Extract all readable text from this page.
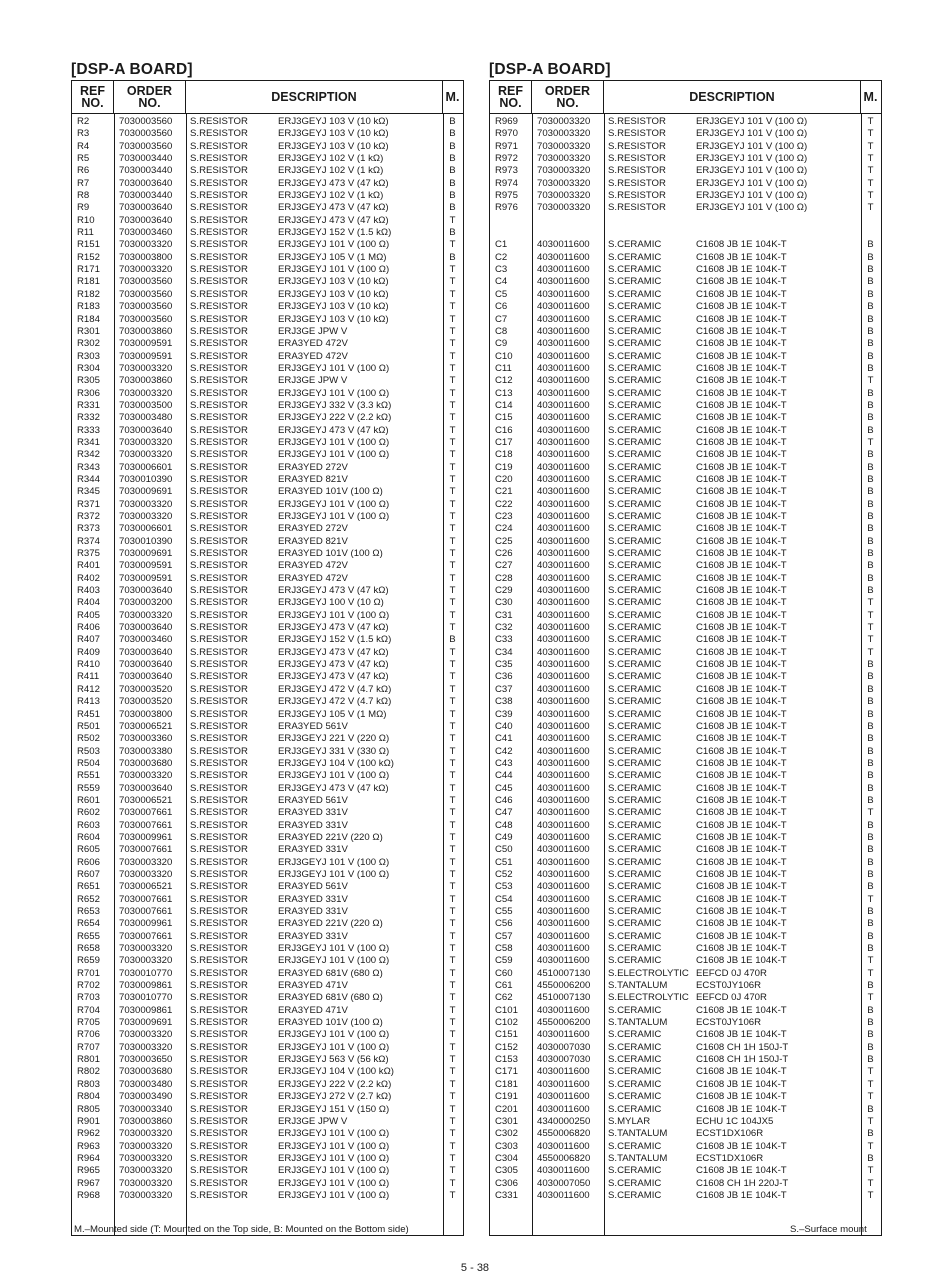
[DSP-A BOARD]
REF
NO.
ORDER
NO.	DESCRIPTION	M.
R2	7030003560	S.RESISTOR	ERJ3GEYJ 103 V (10 kΩ)	B
R3	7030003560	S.RESISTOR	ERJ3GEYJ 103 V (10 kΩ)	B
R4	7030003560	S.RESISTOR	ERJ3GEYJ 103 V (10 kΩ)	B
R5	7030003440	S.RESISTOR	ERJ3GEYJ 102 V (1 kΩ)	B
R6	7030003440	S.RESISTOR	ERJ3GEYJ 102 V (1 kΩ)	B
R7	7030003640	S.RESISTOR	ERJ3GEYJ 473 V (47 kΩ)	B
R8	7030003440	S.RESISTOR	ERJ3GEYJ 102 V (1 kΩ)	B
R9	7030003640	S.RESISTOR	ERJ3GEYJ 473 V (47 kΩ)	B
R10	7030003640	S.RESISTOR	ERJ3GEYJ 473 V (47 kΩ)	T
R11	7030003460	S.RESISTOR	ERJ3GEYJ 152 V (1.5 kΩ)	B
R151	7030003320	S.RESISTOR	ERJ3GEYJ 101 V (100 Ω)	T
R152	7030003800	S.RESISTOR	ERJ3GEYJ 105 V (1 MΩ)	B
R171	7030003320	S.RESISTOR	ERJ3GEYJ 101 V (100 Ω)	T
R181	7030003560	S.RESISTOR	ERJ3GEYJ 103 V (10 kΩ)	T
R182	7030003560	S.RESISTOR	ERJ3GEYJ 103 V (10 kΩ)	T
R183	7030003560	S.RESISTOR	ERJ3GEYJ 103 V (10 kΩ)	T
R184	7030003560	S.RESISTOR	ERJ3GEYJ 103 V (10 kΩ)	T
R301	7030003860	S.RESISTOR	ERJ3GE JPW V	T
R302	7030009591	S.RESISTOR	ERA3YED 472V	T
R303	7030009591	S.RESISTOR	ERA3YED 472V	T
R304	7030003320	S.RESISTOR	ERJ3GEYJ 101 V (100 Ω)	T
R305	7030003860	S.RESISTOR	ERJ3GE JPW V	T
R306	7030003320	S.RESISTOR	ERJ3GEYJ 101 V (100 Ω)	T
R331	7030003500	S.RESISTOR	ERJ3GEYJ 332 V (3.3 kΩ)	T
R332	7030003480	S.RESISTOR	ERJ3GEYJ 222 V (2.2 kΩ)	T
R333	7030003640	S.RESISTOR	ERJ3GEYJ 473 V (47 kΩ)	T
R341	7030003320	S.RESISTOR	ERJ3GEYJ 101 V (100 Ω)	T
R342	7030003320	S.RESISTOR	ERJ3GEYJ 101 V (100 Ω)	T
R343	7030006601	S.RESISTOR	ERA3YED 272V	T
R344	7030010390	S.RESISTOR	ERA3YED 821V	T
R345	7030009691	S.RESISTOR	ERA3YED 101V (100 Ω)	T
R371	7030003320	S.RESISTOR	ERJ3GEYJ 101 V (100 Ω)	T
R372	7030003320	S.RESISTOR	ERJ3GEYJ 101 V (100 Ω)	T
R373	7030006601	S.RESISTOR	ERA3YED 272V	T
R374	7030010390	S.RESISTOR	ERA3YED 821V	T
R375	7030009691	S.RESISTOR	ERA3YED 101V (100 Ω)	T
R401	7030009591	S.RESISTOR	ERA3YED 472V	T
R402	7030009591	S.RESISTOR	ERA3YED 472V	T
R403	7030003640	S.RESISTOR	ERJ3GEYJ 473 V (47 kΩ)	T
R404	7030003200	S.RESISTOR	ERJ3GEYJ 100 V (10 Ω)	T
R405	7030003320	S.RESISTOR	ERJ3GEYJ 101 V (100 Ω)	T
R406	7030003640	S.RESISTOR	ERJ3GEYJ 473 V (47 kΩ)	T
R407	7030003460	S.RESISTOR	ERJ3GEYJ 152 V (1.5 kΩ)	B
R409	7030003640	S.RESISTOR	ERJ3GEYJ 473 V (47 kΩ)	T
R410	7030003640	S.RESISTOR	ERJ3GEYJ 473 V (47 kΩ)	T
R411	7030003640	S.RESISTOR	ERJ3GEYJ 473 V (47 kΩ)	T
R412	7030003520	S.RESISTOR	ERJ3GEYJ 472 V (4.7 kΩ)	T
R413	7030003520	S.RESISTOR	ERJ3GEYJ 472 V (4.7 kΩ)	T
R451	7030003800	S.RESISTOR	ERJ3GEYJ 105 V (1 MΩ)	T
R501	7030006521	S.RESISTOR	ERA3YED 561V	T
R502	7030003360	S.RESISTOR	ERJ3GEYJ 221 V (220 Ω)	T
R503	7030003380	S.RESISTOR	ERJ3GEYJ 331 V (330 Ω)	T
R504	7030003680	S.RESISTOR	ERJ3GEYJ 104 V (100 kΩ)	T
R551	7030003320	S.RESISTOR	ERJ3GEYJ 101 V (100 Ω)	T
R559	7030003640	S.RESISTOR	ERJ3GEYJ 473 V (47 kΩ)	T
R601	7030006521	S.RESISTOR	ERA3YED 561V	T
R602	7030007661	S.RESISTOR	ERA3YED 331V	T
R603	7030007661	S.RESISTOR	ERA3YED 331V	T
R604	7030009961	S.RESISTOR	ERA3YED 221V (220 Ω)	T
R605	7030007661	S.RESISTOR	ERA3YED 331V	T
R606	7030003320	S.RESISTOR	ERJ3GEYJ 101 V (100 Ω)	T
R607	7030003320	S.RESISTOR	ERJ3GEYJ 101 V (100 Ω)	T
R651	7030006521	S.RESISTOR	ERA3YED 561V	T
R652	7030007661	S.RESISTOR	ERA3YED 331V	T
R653	7030007661	S.RESISTOR	ERA3YED 331V	T
R654	7030009961	S.RESISTOR	ERA3YED 221V (220 Ω)	T
R655	7030007661	S.RESISTOR	ERA3YED 331V	T
R658	7030003320	S.RESISTOR	ERJ3GEYJ 101 V (100 Ω)	T
R659	7030003320	S.RESISTOR	ERJ3GEYJ 101 V (100 Ω)	T
R701	7030010770	S.RESISTOR	ERA3YED 681V (680 Ω)	T
R702	7030009861	S.RESISTOR	ERA3YED 471V	T
R703	7030010770	S.RESISTOR	ERA3YED 681V (680 Ω)	T
R704	7030009861	S.RESISTOR	ERA3YED 471V	T
R705	7030009691	S.RESISTOR	ERA3YED 101V (100 Ω)	T
R706	7030003320	S.RESISTOR	ERJ3GEYJ 101 V (100 Ω)	T
R707	7030003320	S.RESISTOR	ERJ3GEYJ 101 V (100 Ω)	T
R801	7030003650	S.RESISTOR	ERJ3GEYJ 563 V (56 kΩ)	T
R802	7030003680	S.RESISTOR	ERJ3GEYJ 104 V (100 kΩ)	T
R803	7030003480	S.RESISTOR	ERJ3GEYJ 222 V (2.2 kΩ)	T
R804	7030003490	S.RESISTOR	ERJ3GEYJ 272 V (2.7 kΩ)	T
R805	7030003340	S.RESISTOR	ERJ3GEYJ 151 V (150 Ω)	T
R901	7030003860	S.RESISTOR	ERJ3GE JPW V	T
R962	7030003320	S.RESISTOR	ERJ3GEYJ 101 V (100 Ω)	T
R963	7030003320	S.RESISTOR	ERJ3GEYJ 101 V (100 Ω)	T
R964	7030003320	S.RESISTOR	ERJ3GEYJ 101 V (100 Ω)	T
R965	7030003320	S.RESISTOR	ERJ3GEYJ 101 V (100 Ω)	T
R967	7030003320	S.RESISTOR	ERJ3GEYJ 101 V (100 Ω)	T
R968	7030003320	S.RESISTOR	ERJ3GEYJ 101 V (100 Ω)	T
[DSP-A BOARD]
REF
NO.
ORDER
NO.	DESCRIPTION	M.
R969	7030003320	S.RESISTOR	ERJ3GEYJ 101 V (100 Ω)	T
R970	7030003320	S.RESISTOR	ERJ3GEYJ 101 V (100 Ω)	T
R971	7030003320	S.RESISTOR	ERJ3GEYJ 101 V (100 Ω)	T
R972	7030003320	S.RESISTOR	ERJ3GEYJ 101 V (100 Ω)	T
R973	7030003320	S.RESISTOR	ERJ3GEYJ 101 V (100 Ω)	T
R974	7030003320	S.RESISTOR	ERJ3GEYJ 101 V (100 Ω)	T
R975	7030003320	S.RESISTOR	ERJ3GEYJ 101 V (100 Ω)	T
R976	7030003320	S.RESISTOR	ERJ3GEYJ 101 V (100 Ω)	T
C1	4030011600	S.CERAMIC	C1608 JB 1E 104K-T	B
C2	4030011600	S.CERAMIC	C1608 JB 1E 104K-T	B
C3	4030011600	S.CERAMIC	C1608 JB 1E 104K-T	B
C4	4030011600	S.CERAMIC	C1608 JB 1E 104K-T	B
C5	4030011600	S.CERAMIC	C1608 JB 1E 104K-T	B
C6	4030011600	S.CERAMIC	C1608 JB 1E 104K-T	B
C7	4030011600	S.CERAMIC	C1608 JB 1E 104K-T	B
C8	4030011600	S.CERAMIC	C1608 JB 1E 104K-T	B
C9	4030011600	S.CERAMIC	C1608 JB 1E 104K-T	B
C10	4030011600	S.CERAMIC	C1608 JB 1E 104K-T	B
C11	4030011600	S.CERAMIC	C1608 JB 1E 104K-T	B
C12	4030011600	S.CERAMIC	C1608 JB 1E 104K-T	T
C13	4030011600	S.CERAMIC	C1608 JB 1E 104K-T	B
C14	4030011600	S.CERAMIC	C1608 JB 1E 104K-T	B
C15	4030011600	S.CERAMIC	C1608 JB 1E 104K-T	B
C16	4030011600	S.CERAMIC	C1608 JB 1E 104K-T	B
C17	4030011600	S.CERAMIC	C1608 JB 1E 104K-T	T
C18	4030011600	S.CERAMIC	C1608 JB 1E 104K-T	B
C19	4030011600	S.CERAMIC	C1608 JB 1E 104K-T	B
C20	4030011600	S.CERAMIC	C1608 JB 1E 104K-T	B
C21	4030011600	S.CERAMIC	C1608 JB 1E 104K-T	B
C22	4030011600	S.CERAMIC	C1608 JB 1E 104K-T	B
C23	4030011600	S.CERAMIC	C1608 JB 1E 104K-T	B
C24	4030011600	S.CERAMIC	C1608 JB 1E 104K-T	B
C25	4030011600	S.CERAMIC	C1608 JB 1E 104K-T	B
C26	4030011600	S.CERAMIC	C1608 JB 1E 104K-T	B
C27	4030011600	S.CERAMIC	C1608 JB 1E 104K-T	B
C28	4030011600	S.CERAMIC	C1608 JB 1E 104K-T	B
C29	4030011600	S.CERAMIC	C1608 JB 1E 104K-T	B
C30	4030011600	S.CERAMIC	C1608 JB 1E 104K-T	T
C31	4030011600	S.CERAMIC	C1608 JB 1E 104K-T	T
C32	4030011600	S.CERAMIC	C1608 JB 1E 104K-T	T
C33	4030011600	S.CERAMIC	C1608 JB 1E 104K-T	T
C34	4030011600	S.CERAMIC	C1608 JB 1E 104K-T	T
C35	4030011600	S.CERAMIC	C1608 JB 1E 104K-T	B
C36	4030011600	S.CERAMIC	C1608 JB 1E 104K-T	B
C37	4030011600	S.CERAMIC	C1608 JB 1E 104K-T	B
C38	4030011600	S.CERAMIC	C1608 JB 1E 104K-T	B
C39	4030011600	S.CERAMIC	C1608 JB 1E 104K-T	B
C40	4030011600	S.CERAMIC	C1608 JB 1E 104K-T	B
C41	4030011600	S.CERAMIC	C1608 JB 1E 104K-T	B
C42	4030011600	S.CERAMIC	C1608 JB 1E 104K-T	B
C43	4030011600	S.CERAMIC	C1608 JB 1E 104K-T	B
C44	4030011600	S.CERAMIC	C1608 JB 1E 104K-T	B
C45	4030011600	S.CERAMIC	C1608 JB 1E 104K-T	B
C46	4030011600	S.CERAMIC	C1608 JB 1E 104K-T	B
C47	4030011600	S.CERAMIC	C1608 JB 1E 104K-T	T
C48	4030011600	S.CERAMIC	C1608 JB 1E 104K-T	B
C49	4030011600	S.CERAMIC	C1608 JB 1E 104K-T	B
C50	4030011600	S.CERAMIC	C1608 JB 1E 104K-T	B
C51	4030011600	S.CERAMIC	C1608 JB 1E 104K-T	B
C52	4030011600	S.CERAMIC	C1608 JB 1E 104K-T	B
C53	4030011600	S.CERAMIC	C1608 JB 1E 104K-T	B
C54	4030011600	S.CERAMIC	C1608 JB 1E 104K-T	T
C55	4030011600	S.CERAMIC	C1608 JB 1E 104K-T	B
C56	4030011600	S.CERAMIC	C1608 JB 1E 104K-T	B
C57	4030011600	S.CERAMIC	C1608 JB 1E 104K-T	B
C58	4030011600	S.CERAMIC	C1608 JB 1E 104K-T	B
C59	4030011600	S.CERAMIC	C1608 JB 1E 104K-T	T
C60	4510007130	S.ELECTROLYTIC EEFCD 0J 470R	T
C61	4550006200	S.TANTALUM	ECST0JY106R	B
C62	4510007130	S.ELECTROLYTIC EEFCD 0J 470R	T
C101	4030011600	S.CERAMIC	C1608 JB 1E 104K-T	B
C102	4550006200	S.TANTALUM	ECST0JY106R	B
C151	4030011600	S.CERAMIC	C1608 JB 1E 104K-T	B
C152	4030007030	S.CERAMIC	C1608 CH 1H 150J-T	B
C153	4030007030	S.CERAMIC	C1608 CH 1H 150J-T	B
C171	4030011600	S.CERAMIC	C1608 JB 1E 104K-T	T
C181	4030011600	S.CERAMIC	C1608 JB 1E 104K-T	T
C191	4030011600	S.CERAMIC	C1608 JB 1E 104K-T	T
C201	4030011600	S.CERAMIC	C1608 JB 1E 104K-T	B
C301	4340000250	S.MYLAR	ECHU 1C 104JX5	T
C302	4550006820	S.TANTALUM	ECST1DX106R	B
C303	4030011600	S.CERAMIC	C1608 JB 1E 104K-T	T
C304	4550006820	S.TANTALUM	ECST1DX106R	B
C305	4030011600	S.CERAMIC	C1608 JB 1E 104K-T	T
C306	4030007050	S.CERAMIC	C1608 CH 1H 220J-T	T
C331	4030011600	S.CERAMIC	C1608 JB 1E 104K-T	T
M.–Mounted side (T: Mounted on the Top side, B: Mounted on the Bottom side)	S.–Surface mount
5 - 38
